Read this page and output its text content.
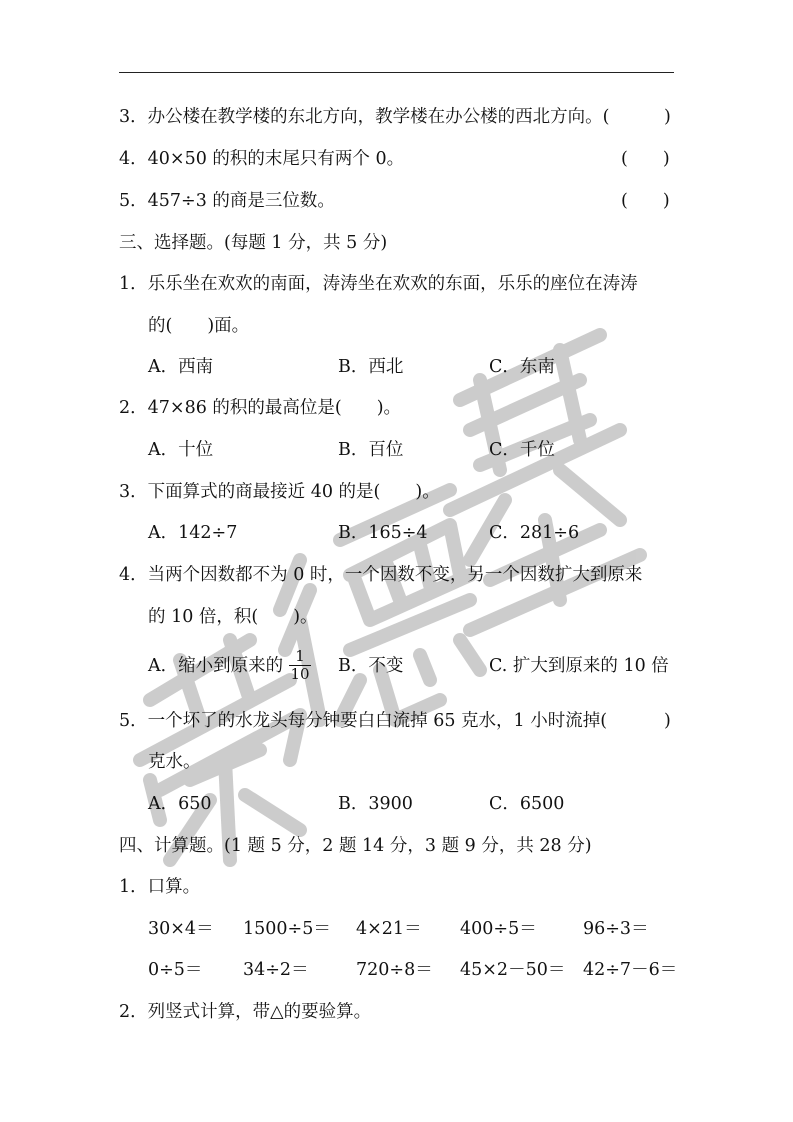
3．办公楼在教学楼的东北方向，教学楼在办公楼的西北方向。(	)
4．40×50 的积的末尾只有两个 0。	(　　)
5．457÷3 的商是三位数。	(　　)
三、选择题。(每题 1 分，共 5 分)
1．乐乐坐在欢欢的南面，涛涛坐在欢欢的东面，乐乐的座位在涛涛
的(　　)面。
A．西南	B．西北	C．东南
2．47×86 的积的最高位是(　　)。
A．十位	B．百位	C．千位
3．下面算式的商最接近 40 的是(　　)。
A．142÷7	B．165÷4	C．281÷6
4．当两个因数都不为 0 时，一个因数不变，另一个因数扩大到原来
的 10 倍，积(　　)。
A．缩小到原来的 1
10 B．不变	C. 扩大到原来的 10 倍
5．一个坏了的水龙头每分钟要白白流掉 65 克水，1 小时流掉(	)
克水。
A．650	B．3900	C．6500
四、计算题。(1 题 5 分，2 题 14 分，3 题 9 分，共 28 分)
1．口算。
30×4＝ 1500÷5＝ 4×21＝ 400÷5＝	96÷3＝
0÷5＝ 34÷2＝	720÷8＝ 45×2－50＝ 42÷7－6＝
2．列竖式计算，带△的要验算。
